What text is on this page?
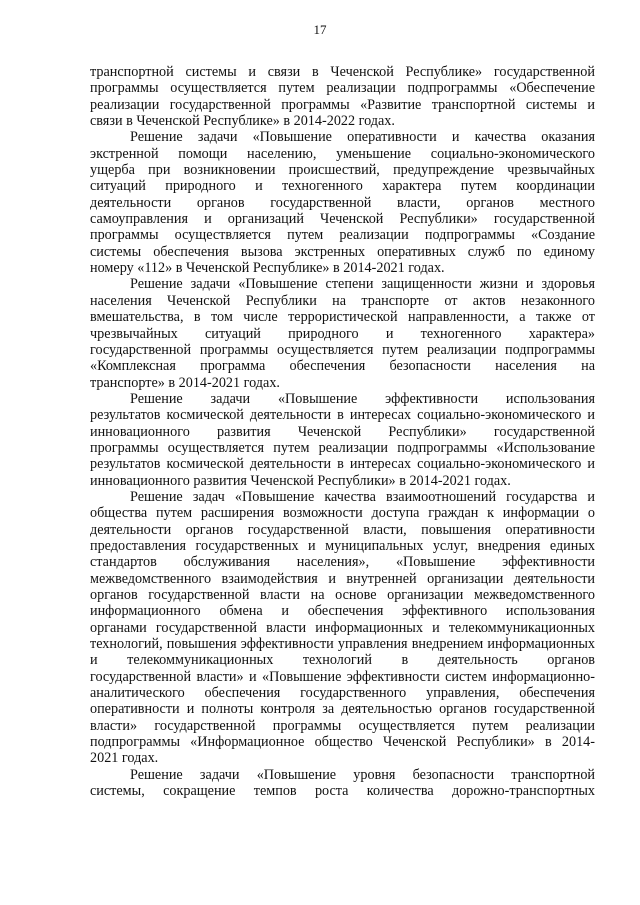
17
транспортной системы и связи в Чеченской Республике» государственной
программы осуществляется путем реализации подпрограммы «Обеспечение
реализации государственной программы «Развитие транспортной системы и
связи в Чеченской Республике» в 2014-2022 годах.
Решение задачи «Повышение оперативности и качества оказания
экстренной помощи населению, уменьшение социально-экономического
ущерба при возникновении происшествий, предупреждение чрезвычайных
ситуаций природного и техногенного характера путем координации
деятельности органов государственной власти, органов местного
самоуправления и организаций Чеченской Республики» государственной
программы осуществляется путем реализации подпрограммы «Создание
системы обеспечения вызова экстренных оперативных служб по единому
номеру «112» в Чеченской Республике» в 2014-2021 годах.
Решение задачи «Повышение степени защищенности жизни и здоровья
населения Чеченской Республики на транспорте от актов незаконного
вмешательства, в том числе террористической направленности, а также от
чрезвычайных ситуаций природного и техногенного характера»
государственной программы осуществляется путем реализации подпрограммы
«Комплексная программа обеспечения безопасности населения на
транспорте» в 2014-2021 годах.
Решение задачи «Повышение эффективности использования
результатов космической деятельности в интересах социально-экономического и
инновационного развития Чеченской Республики» государственной
программы осуществляется путем реализации подпрограммы «Использование
результатов космической деятельности в интересах социально-экономического и
инновационного развития Чеченской Республики» в 2014-2021 годах.
Решение задач «Повышение качества взаимоотношений государства и
общества путем расширения возможности доступа граждан к информации о
деятельности органов государственной власти, повышения оперативности
предоставления государственных и муниципальных услуг, внедрения единых
стандартов обслуживания населения», «Повышение эффективности
межведомственного взаимодействия и внутренней организации деятельности
органов государственной власти на основе организации межведомственного
информационного обмена и обеспечения эффективного использования
органами государственной власти информационных и телекоммуникационных
технологий, повышения эффективности управления внедрением информационных
и телекоммуникационных технологий в деятельность органов
государственной власти» и «Повышение эффективности систем информационно-
аналитического обеспечения государственного управления, обеспечения
оперативности и полноты контроля за деятельностью органов государственной
власти» государственной программы осуществляется путем реализации
подпрограммы «Информационное общество Чеченской Республики» в 2014-
2021 годах.
Решение задачи «Повышение уровня безопасности транспортной
системы, сокращение темпов роста количества дорожно-транспортных
